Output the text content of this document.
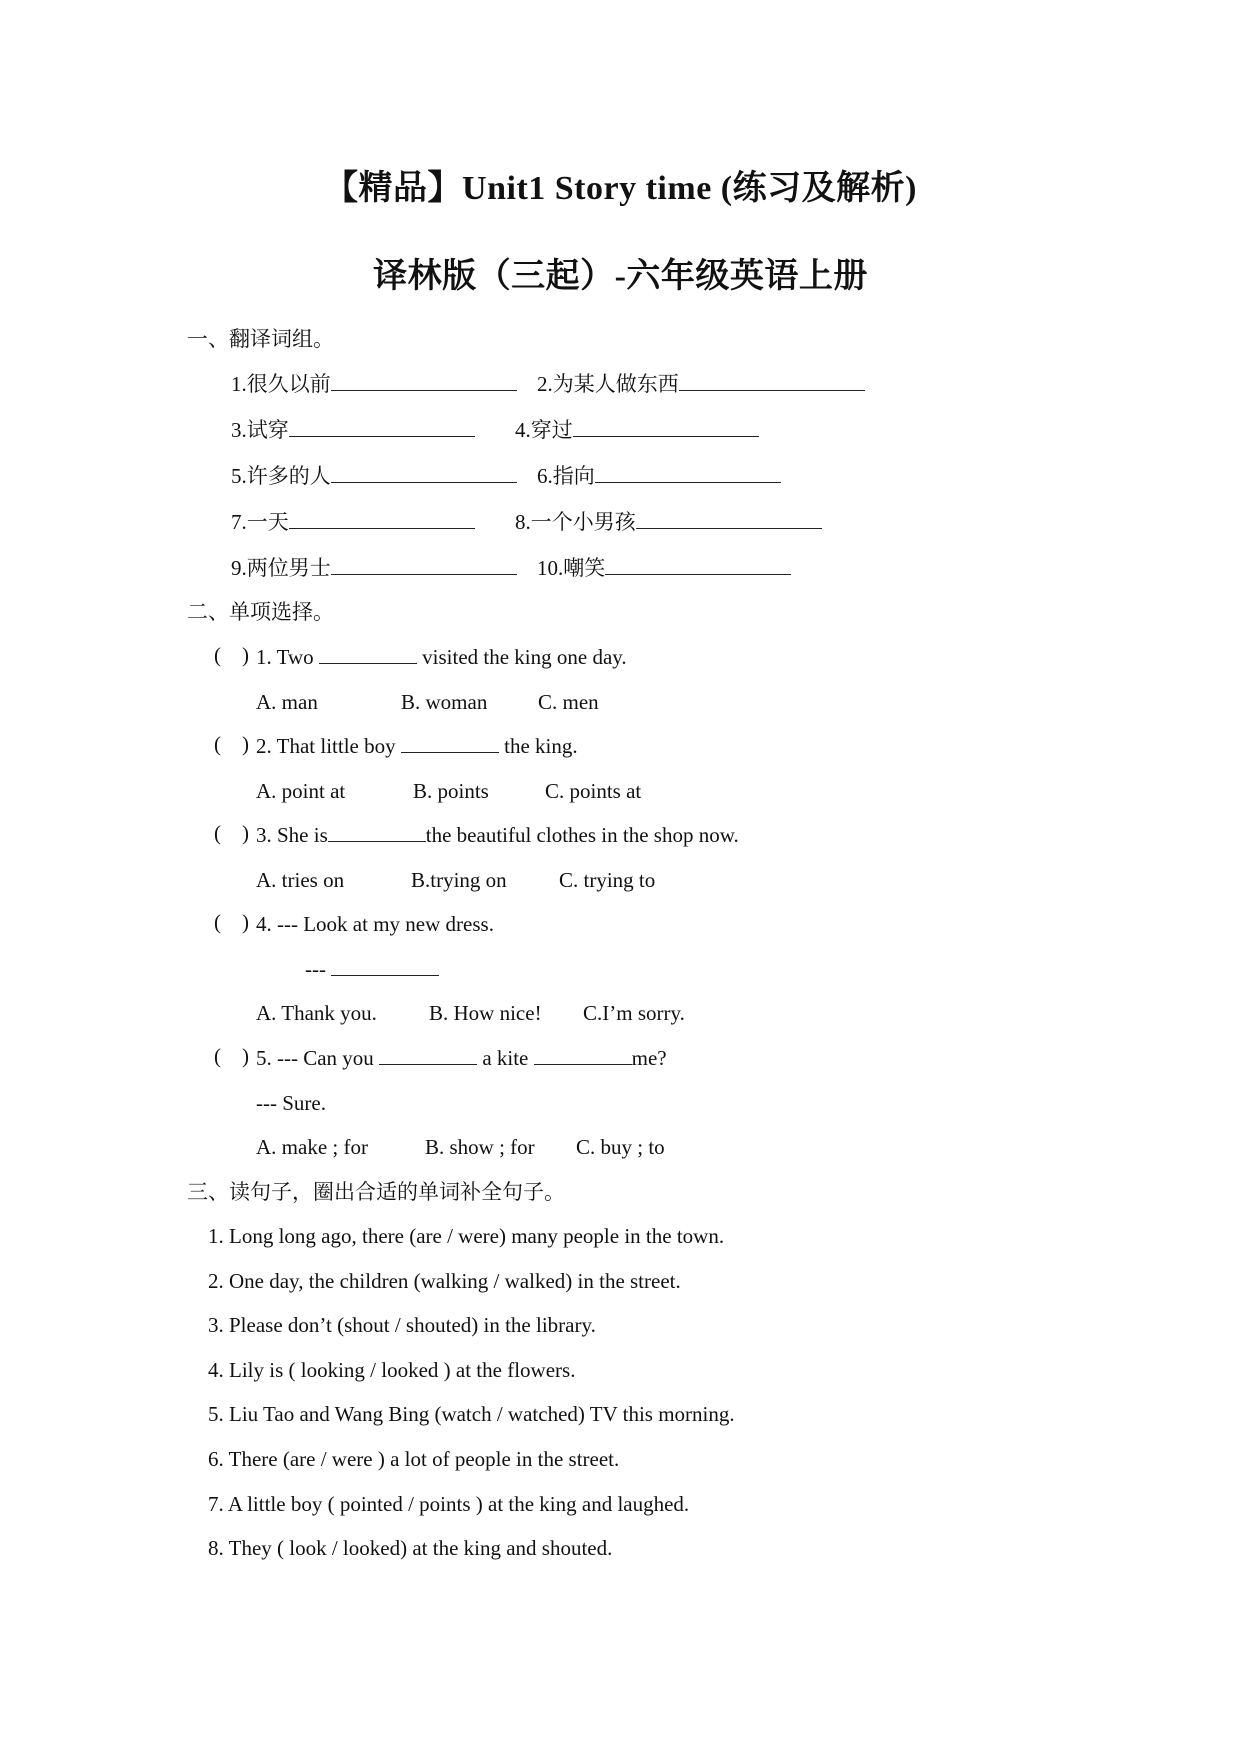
【精品】Unit1 Story time (练习及解析)
译林版（三起）-六年级英语上册
一、翻译词组。
1.很久以前	2.为某人做东西
3.试穿	4.穿过
5.许多的人	6.指向
7.一天	8.一个小男孩
9.两位男士	10.嘲笑
二、单项选择。
( ) 1. Two	visited the king one day.
A. man	B. woman C. men
( ) 2. That little boy	the king.
A. point at	B. points	C. points at
( ) 3. She is	the beautiful clothes in the shop now.
A. tries on	B.trying on C. trying to
( ) 4. --- Look at my new dress.
---
A. Thank you. B. How nice! C.I’m sorry.
( ) 5. --- Can you	a kite	me?
--- Sure.
A. make ; for	B. show ; for C. buy ; to
三、读句子，圈出合适的单词补全句子。
1. Long long ago, there (are / were) many people in the town.
2. One day, the children (walking / walked) in the street.
3. Please don’t (shout / shouted) in the library.
4. Lily is ( looking / looked ) at the flowers.
5. Liu Tao and Wang Bing (watch / watched) TV this morning.
6. There (are / were ) a lot of people in the street.
7. A little boy ( pointed / points ) at the king and laughed.
8. They ( look / looked) at the king and shouted.
